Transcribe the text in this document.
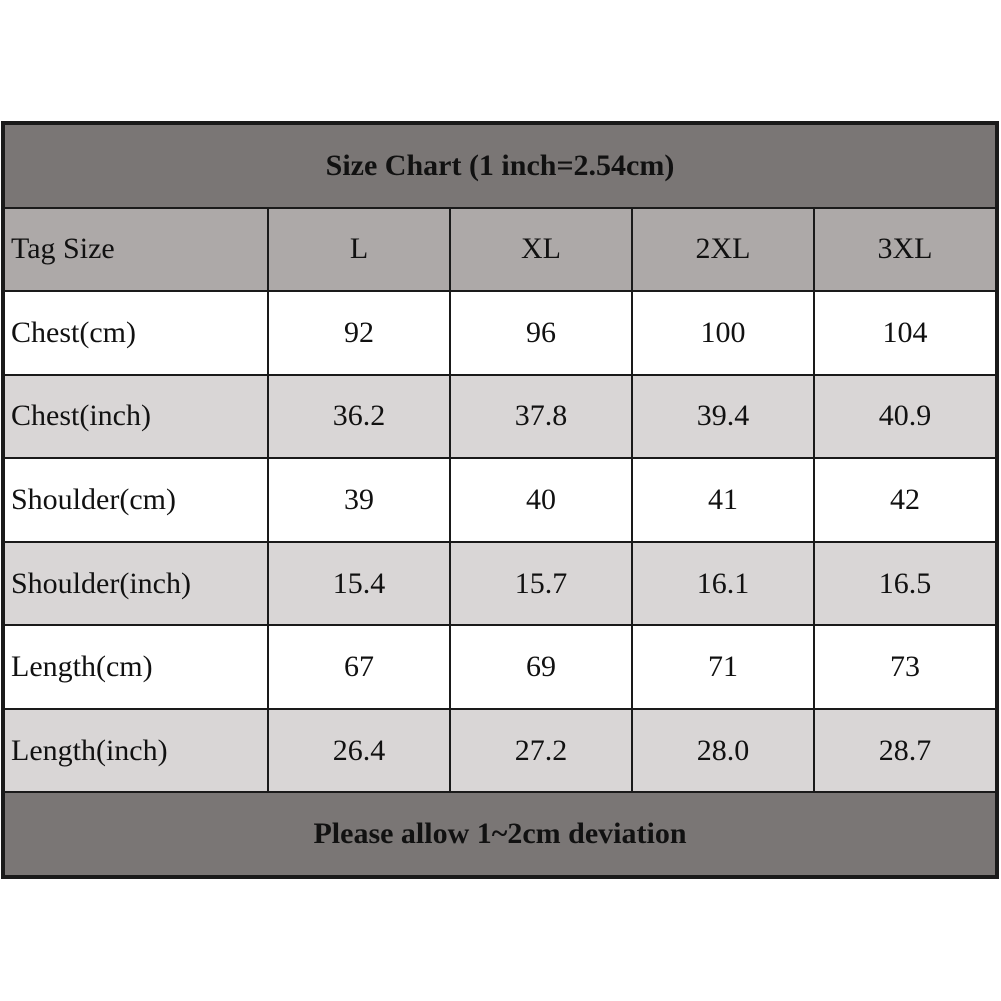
Size Chart (1 inch=2.54cm)				
Tag Size	L	XL	2XL	3XL
Chest(cm)	92	96	100	104
Chest(inch)	36.2	37.8	39.4	40.9
Shoulder(cm)	39	40	41	42
Shoulder(inch)	15.4	15.7	16.1	16.5
Length(cm)	67	69	71	73
Length(inch)	26.4	27.2	28.0	28.7
Please allow 1~2cm deviation				
